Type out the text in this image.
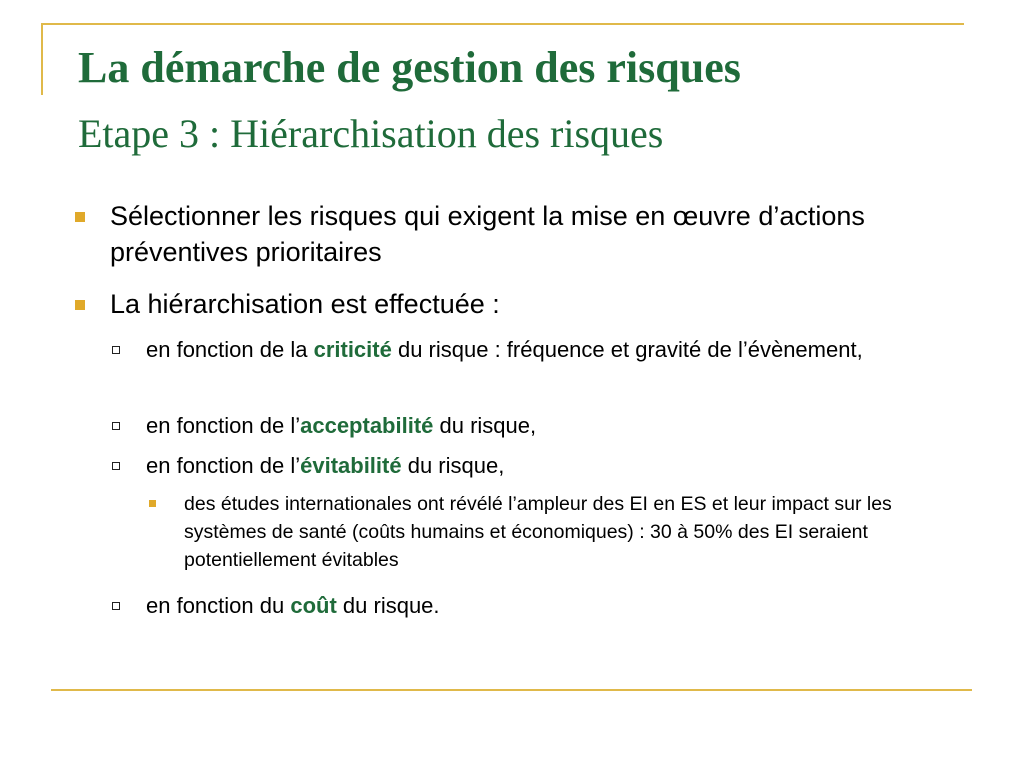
La démarche de gestion des risques
Etape 3 : Hiérarchisation des risques
Sélectionner les risques qui exigent la mise en œuvre d’actions préventives prioritaires
La hiérarchisation est effectuée :
en fonction de la criticité du risque : fréquence et gravité de l’évènement,
en fonction de l’acceptabilité du risque,
en fonction de l’évitabilité du risque,
des études internationales ont révélé l’ampleur des EI en ES et leur impact sur les systèmes de santé (coûts humains et économiques) : 30 à 50% des EI seraient potentiellement évitables
en fonction du coût du risque.
